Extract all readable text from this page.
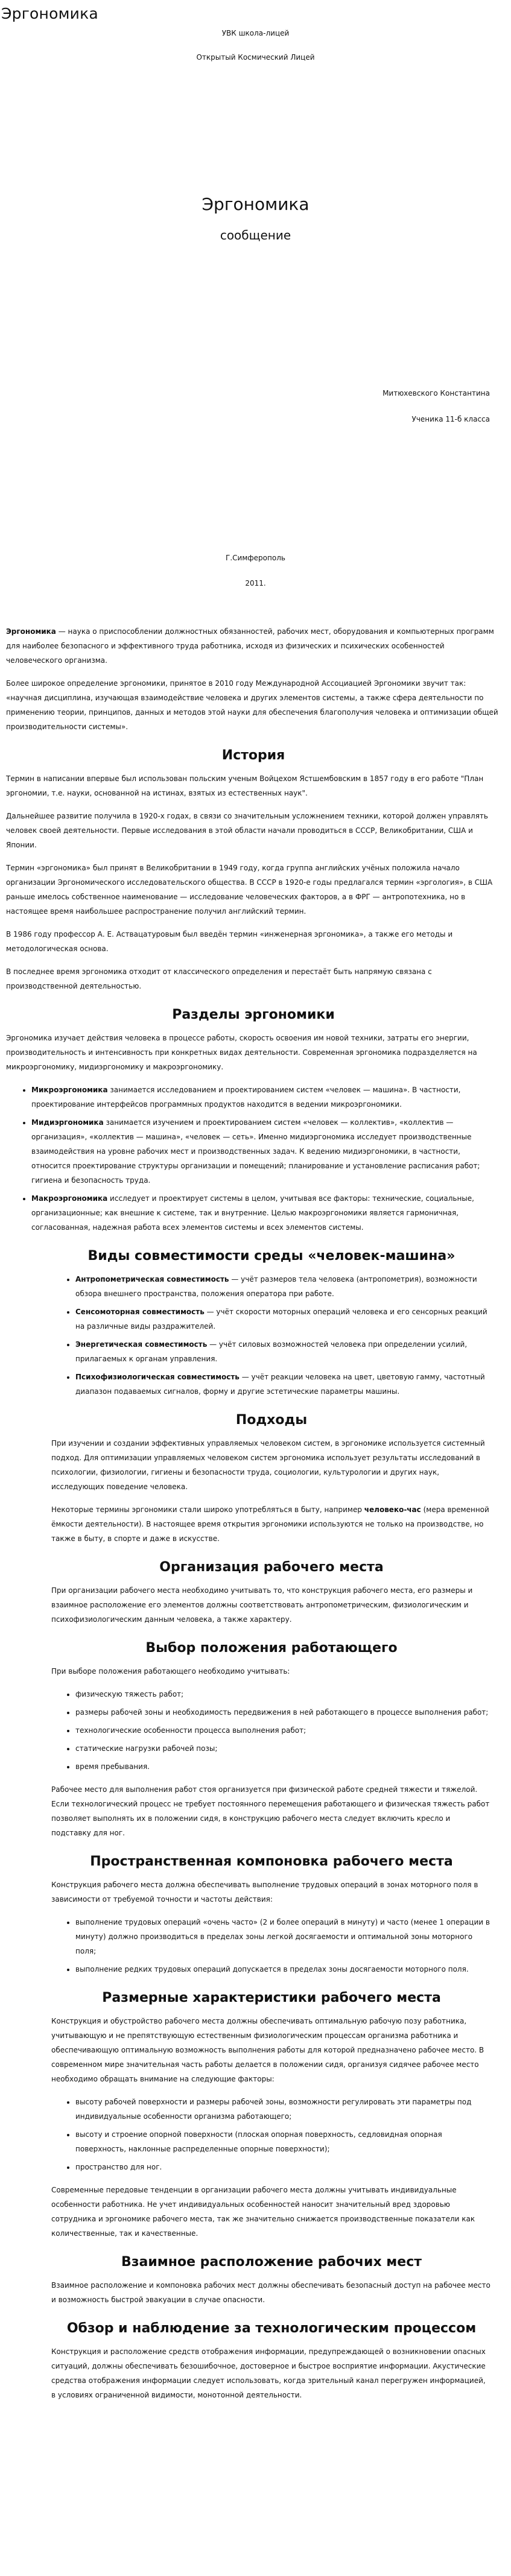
Эргономика
УВК школа-лицей
Открытый Космический Лицей
Эргономика
сообщение
Митюхевского Константина
Ученика 11-б класса
Г.Симферополь
2011.

Эргономика — наука о приспособлении должностных обязанностей, рабочих мест, оборудования и компьютерных программ для наиболее безопасного и эффективного труда работника, исходя из физических и психических особенностей человеческого организма.

Более широкое определение эргономики, принятое в 2010 году Международной Ассоциацией Эргономики звучит так: «научная дисциплина, изучающая взаимодействие человека и других элементов системы, а также сфера деятельности по применению теории, принципов, данных и методов этой науки для обеспечения благополучия человека и оптимизации общей производительности системы».

История

Термин в написании впервые был использован польским ученым Войцехом Ястшембовским в 1857 году в его работе "План эргономии, т.е. науки, основанной на истинах, взятых из естественных наук".

Дальнейшее развитие получила в 1920-х годах, в связи со значительным усложнением техники, которой должен управлять человек своей деятельности. Первые исследования в этой области начали проводиться в СССР, Великобритании, США и Японии.

Термин «эргономика» был принят в Великобритании в 1949 году, когда группа английских учёных положила начало организации Эргономического исследовательского общества. В СССР в 1920-е годы предлагался термин «эргология», в США раньше имелось собственное наименование — исследование человеческих факторов, а в ФРГ — антропотехника, но в настоящее время наибольшее распространение получил английский термин.

В 1986 году профессор А. Е. Аствацатуровым был введён термин «инженерная эргономика», а также его методы и методологическая основа.

В последнее время эргономика отходит от классического определения и перестаёт быть напрямую связана с производственной деятельностью.

Разделы эргономики

Эргономика изучает действия человека в процессе работы, скорость освоения им новой техники, затраты его энергии, производительность и интенсивность при конкретных видах деятельности. Современная эргономика подразделяется на микроэргономику, мидиэргономику и макроэргономику.

• Микроэргономика занимается исследованием и проектированием систем «человек — машина». В частности, проектирование интерфейсов программных продуктов находится в ведении микроэргономики.
• Мидиэргономика занимается изучением и проектированием систем «человек — коллектив», «коллектив — организация», «коллектив — машина», «человек — сеть». Именно мидиэргономика исследует производственные взаимодействия на уровне рабочих мест и производственных задач. К ведению мидиэргономики, в частности, относится проектирование структуры организации и помещений; планирование и установление расписания работ; гигиена и безопасность труда.
• Макроэргономика исследует и проектирует системы в целом, учитывая все факторы: технические, социальные, организационные; как внешние к системе, так и внутренние. Целью макроэргономики является гармоничная, согласованная, надежная работа всех элементов системы и всех элементов системы.
Виды совместимости среды «человек-машина»
• Антропометрическая совместимость — учёт размеров тела человека (антропометрия), возможности обзора внешнего пространства, положения оператора при работе.
• Сенсомоторная совместимость — учёт скорости моторных операций человека и его сенсорных реакций на различные виды раздражителей.
• Энергетическая совместимость — учёт силовых возможностей человека при определении усилий, прилагаемых к органам управления.
• Психофизиологическая совместимость — учёт реакции человека на цвет, цветовую гамму, частотный диапазон подаваемых сигналов, форму и другие эстетические параметры машины.
Подходы

При изучении и создании эффективных управляемых человеком систем, в эргономике используется системный подход. Для оптимизации управляемых человеком систем эргономика использует результаты исследований в психологии, физиологии, гигиены и безопасности труда, социологии, культурологии и других наук, исследующих поведение человека.

Некоторые термины эргономики стали широко употребляться в быту, например человеко-час (мера временной ёмкости деятельности). В настоящее время открытия эргономики используются не только на производстве, но также в быту, в спорте и даже в искусстве.

Организация рабочего места

При организации рабочего места необходимо учитывать то, что конструкция рабочего места, его размеры и взаимное расположение его элементов должны соответствовать антропометрическим, физиологическим и психофизиологическим данным человека, а также характеру.

Выбор положения работающего

При выборе положения работающего необходимо учитывать:

• физическую тяжесть работ;
• размеры рабочей зоны и необходимость передвижения в ней работающего в процессе выполнения работ;
• технологические особенности процесса выполнения работ;
• статические нагрузки рабочей позы;
• время пребывания.

Рабочее место для выполнения работ стоя организуется при физической работе средней тяжести и тяжелой. Если технологический процесс не требует постоянного перемещения работающего и физическая тяжесть работ позволяет выполнять их в положении сидя, в конструкцию рабочего места следует включить кресло и подставку для ног.

Пространственная компоновка рабочего места

Конструкция рабочего места должна обеспечивать выполнение трудовых операций в зонах моторного поля в зависимости от требуемой точности и частоты действия:

• выполнение трудовых операций «очень часто» (2 и более операций в минуту) и часто (менее 1 операции в минуту) должно производиться в пределах зоны легкой досягаемости и оптимальной зоны моторного поля;
• выполнение редких трудовых операций допускается в пределах зоны досягаемости моторного поля.
Размерные характеристики рабочего места

Конструкция и обустройство рабочего места должны обеспечивать оптимальную рабочую позу работника, учитывающую и не препятствующую естественным физиологическим процессам организма работника и обеспечивающую оптимальную возможность выполнения работы для которой предназначено рабочее место. В современном мире значительная часть работы делается в положении сидя, организуя сидячее рабочее место необходимо обращать внимание на следующие факторы:

• высоту рабочей поверхности и размеры рабочей зоны, возможности регулировать эти параметры под индивидуальные особенности организма работающего;
• высоту и строение опорной поверхности (плоская опорная поверхность, седловидная опорная поверхность, наклонные распределенные опорные поверхности);
• пространство для ног.

Современные передовые тенденции в организации рабочего места должны учитывать индивидуальные особенности работника. Не учет индивидуальных особенностей наносит значительный вред здоровью сотрудника и эргономике рабочего места, так же значительно снижается производственные показатели как количественные, так и качественные.

Взаимное расположение рабочих мест

Взаимное расположение и компоновка рабочих мест должны обеспечивать безопасный доступ на рабочее место и возможность быстрой эвакуации в случае опасности.

Обзор и наблюдение за технологическим процессом

Конструкция и расположение средств отображения информации, предупреждающей о возникновении опасных ситуаций, должны обеспечивать безошибочное, достоверное и быстрое восприятие информации. Акустические средства отображения информации следует использовать, когда зрительный канал перегружен информацией, в условиях ограниченной видимости, монотонной деятельности.
